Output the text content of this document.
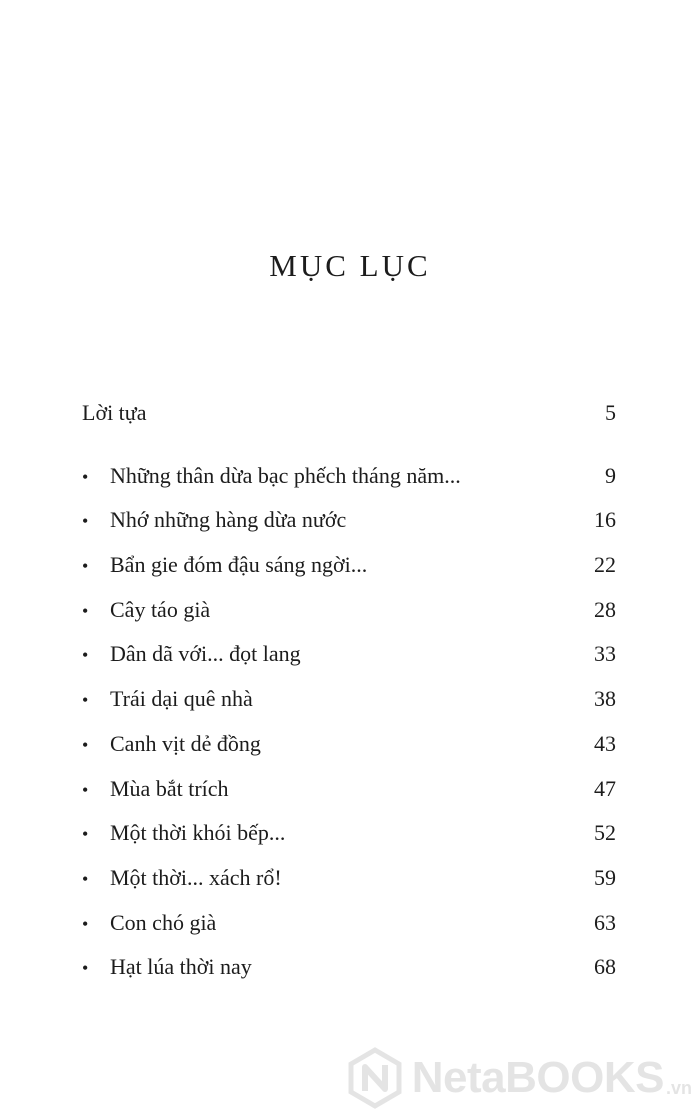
MỤC LỤC
Lời tựa	5
• Những thân dừa bạc phếch tháng năm...	9
• Nhớ những hàng dừa nước	16
• Bẩn gie đóm đậu sáng ngời...	22
• Cây táo già	28
• Dân dã với... đọt lang	33
• Trái dại quê nhà	38
• Canh vịt dẻ đồng	43
• Mùa bắt trích	47
• Một thời khói bếp...	52
• Một thời... xách rổ!	59
• Con chó già	63
• Hạt lúa thời nay	68
NetaBOOKS .vn
